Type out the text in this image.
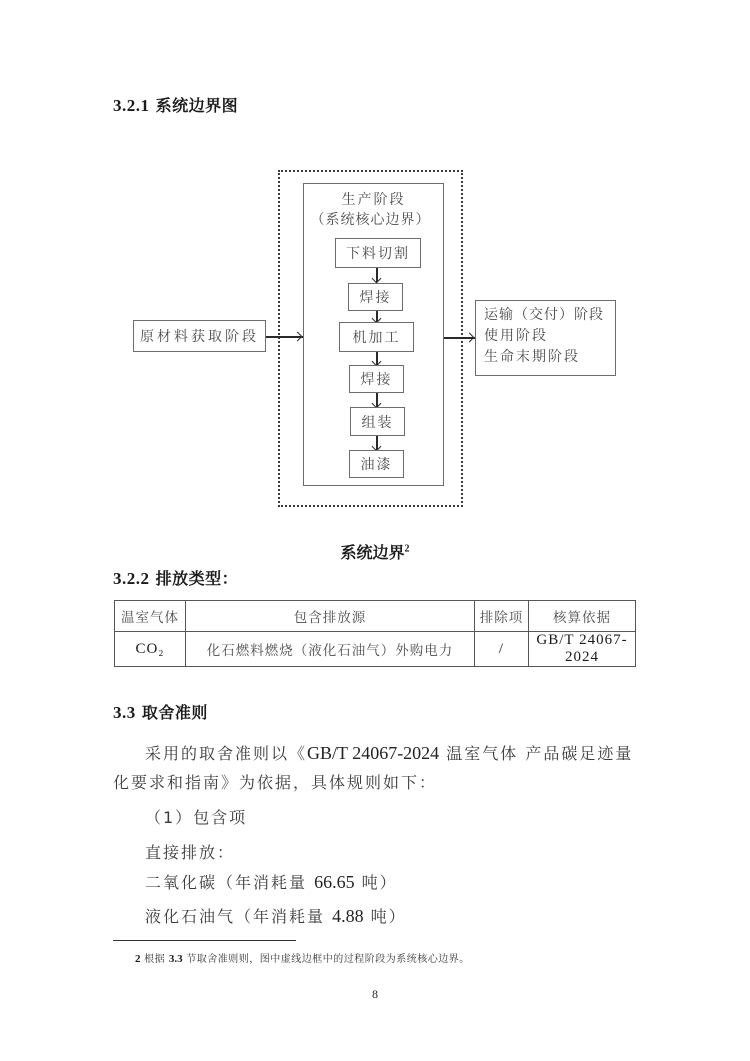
3.2.1 系统边界图
生产阶段
（系统核心边界）
下料切割
焊接
机加工
焊接
组装
油漆
原材料获取阶段
运输（交付）阶段
使用阶段
生命末期阶段
系统边界$^2$
3.2.2 排放类型：
温室气体	包含排放源	排除项	核算依据
CO₂	化石燃料燃烧（液化石油气）外购电力	/	GB/T 24067-2024
3.3 取舍准则
采用的取舍准则以《GB/T 24067-2024 温室气体 产品碳足迹量
化要求和指南》为依据，具体规则如下：
（1）包含项
直接排放：
二氧化碳（年消耗量 66.65 吨）
液化石油气（年消耗量 4.88 吨）
2 根据 3.3 节取舍准则则，图中虚线边框中的过程阶段为系统核心边界。
8
